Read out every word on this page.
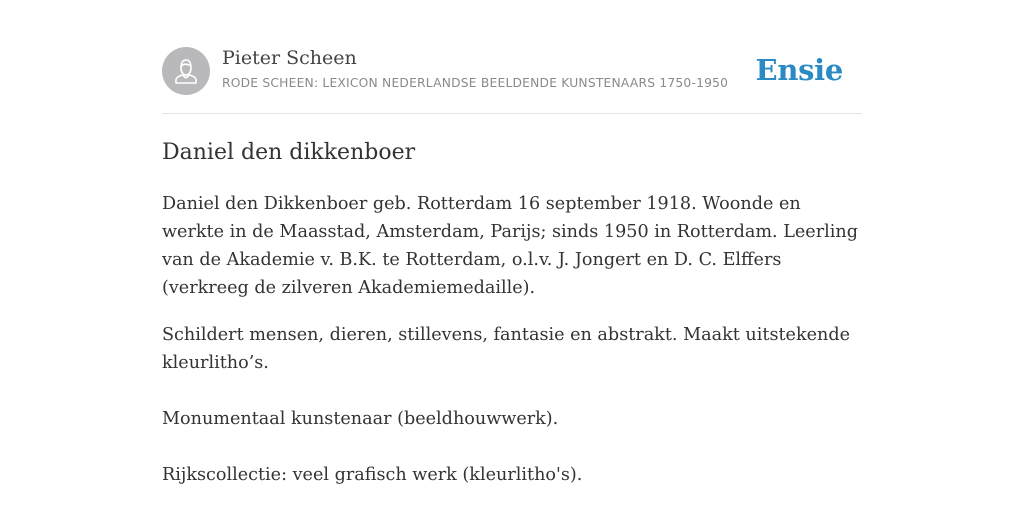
Pieter Scheen
RODE SCHEEN: LEXICON NEDERLANDSE BEELDENDE KUNSTENAARS 1750-1950 Ensie
Daniel den dikkenboer

Daniel den Dikkenboer geb. Rotterdam 16 september 1918. Woonde en werkte in de Maasstad, Amsterdam, Parijs; sinds 1950 in Rotterdam. Leerling van de Akademie v. B.K. te Rotterdam, o.l.v. J. Jongert en D. C. Elffers (verkreeg de zilveren Akademiemedaille).

Schildert mensen, dieren, stillevens, fantasie en abstrakt. Maakt uitstekende kleurlitho’s.

Monumentaal kunstenaar (beeldhouwwerk).
Rijkscollectie: veel grafisch werk (kleurlitho's).
